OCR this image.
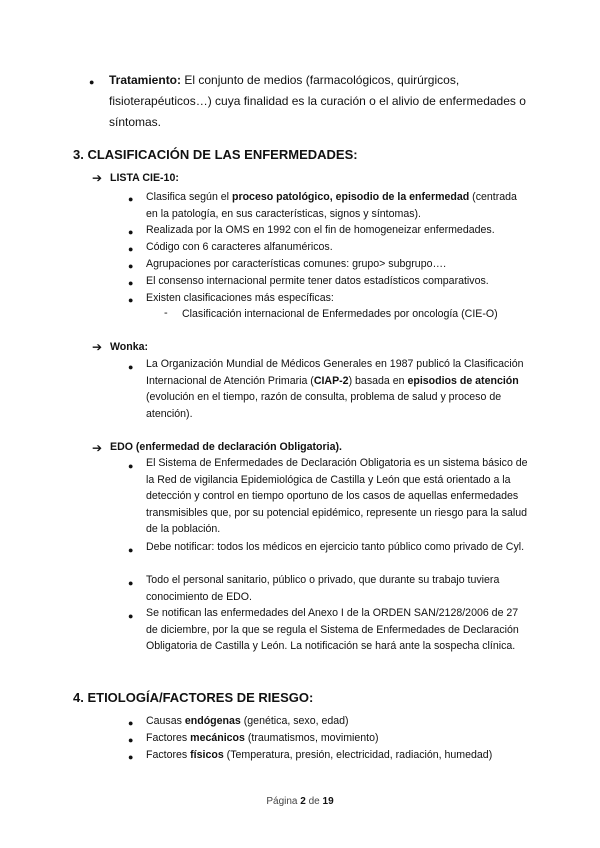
● Tratamiento: El conjunto de medios (farmacológicos, quirúrgicos, fisioterapéuticos…) cuya finalidad es la curación o el alivio de enfermedades o síntomas.
3. CLASIFICACIÓN DE LAS ENFERMEDADES:
➔ LISTA CIE-10:
● Clasifica según el proceso patológico, episodio de la enfermedad (centrada en la patología, en sus características, signos y síntomas).
● Realizada por la OMS en 1992 con el fin de homogeneizar enfermedades.
● Código con 6 caracteres alfanuméricos.
● Agrupaciones por características comunes: grupo> subgrupo….
● El consenso internacional permite tener datos estadísticos comparativos.
● Existen clasificaciones más específicas:
- Clasificación internacional de Enfermedades por oncología (CIE-O)
➔ Wonka:
● La Organización Mundial de Médicos Generales en 1987 publicó la Clasificación Internacional de Atención Primaria (CIAP-2) basada en episodios de atención (evolución en el tiempo, razón de consulta, problema de salud y proceso de atención).
➔ EDO (enfermedad de declaración Obligatoria).
● El Sistema de Enfermedades de Declaración Obligatoria es un sistema básico de la Red de vigilancia Epidemiológica de Castilla y León que está orientado a la detección y control en tiempo oportuno de los casos de aquellas enfermedades transmisibles que, por su potencial epidémico, represente un riesgo para la salud de la población.
● Debe notificar: todos los médicos en ejercicio tanto público como privado de Cyl.
● Todo el personal sanitario, público o privado, que durante su trabajo tuviera conocimiento de EDO.
● Se notifican las enfermedades del Anexo I de la ORDEN SAN/2128/2006 de 27 de diciembre, por la que se regula el Sistema de Enfermedades de Declaración Obligatoria de Castilla y León. La notificación se hará ante la sospecha clínica.
4. ETIOLOGÍA/FACTORES DE RIESGO:
● Causas endógenas (genética, sexo, edad)
● Factores mecánicos (traumatismos, movimiento)
● Factores físicos (Temperatura, presión, electricidad, radiación, humedad)
Página 2 de 19
